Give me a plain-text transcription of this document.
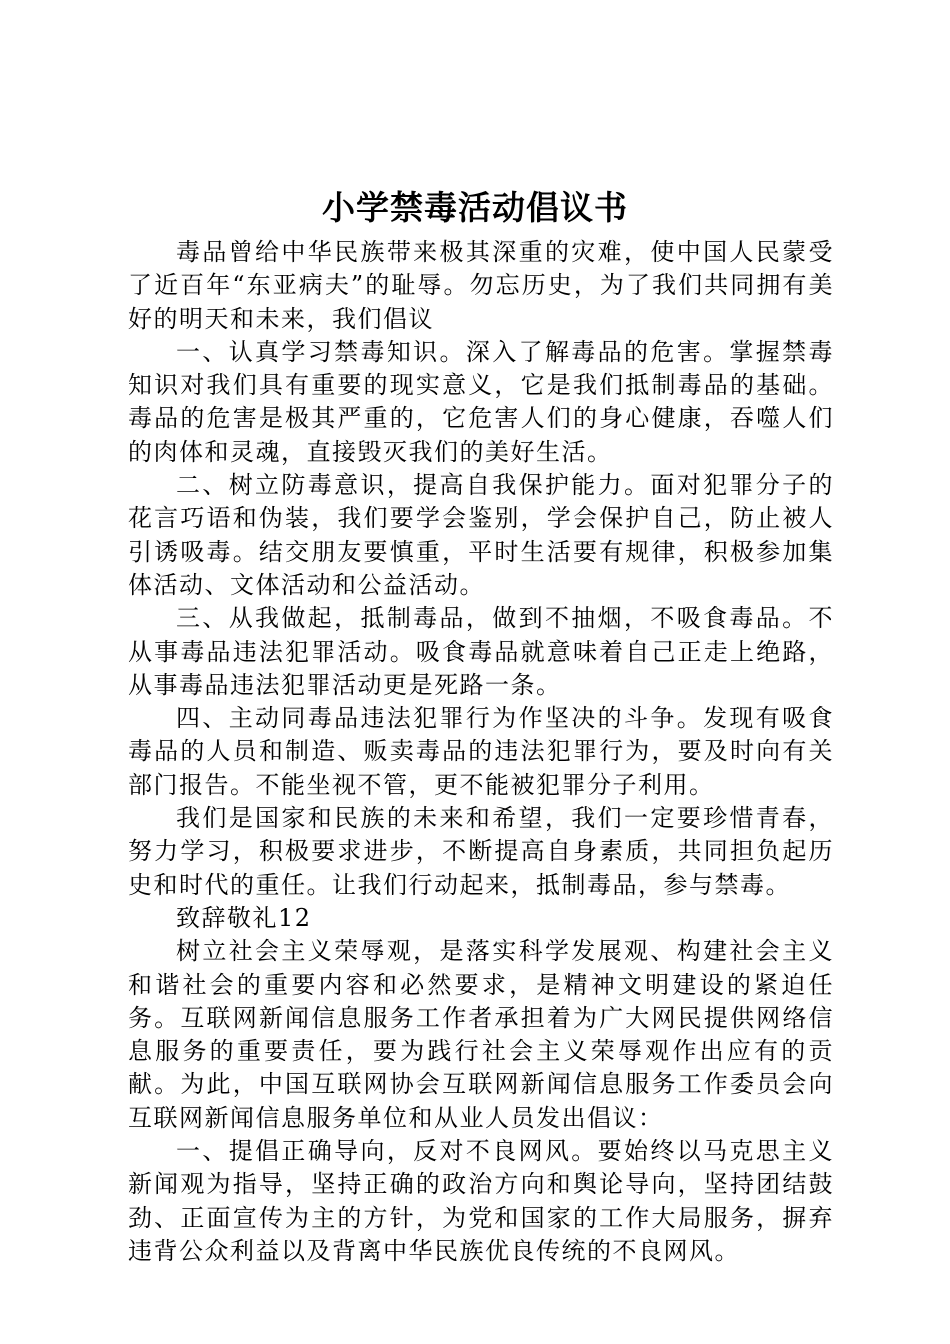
小学禁毒活动倡议书

毒品曾给中华民族带来极其深重的灾难，使中国人民蒙受了近百年“东亚病夫”的耻辱。勿忘历史，为了我们共同拥有美好的明天和未来，我们倡议

一、认真学习禁毒知识。深入了解毒品的危害。掌握禁毒知识对我们具有重要的现实意义，它是我们抵制毒品的基础。毒品的危害是极其严重的，它危害人们的身心健康，吞噬人们的肉体和灵魂，直接毁灭我们的美好生活。

二、树立防毒意识，提高自我保护能力。面对犯罪分子的花言巧语和伪装，我们要学会鉴别，学会保护自己，防止被人引诱吸毒。结交朋友要慎重，平时生活要有规律，积极参加集体活动、文体活动和公益活动。

三、从我做起，抵制毒品，做到不抽烟，不吸食毒品。不从事毒品违法犯罪活动。吸食毒品就意味着自己正走上绝路，从事毒品违法犯罪活动更是死路一条。

四、主动同毒品违法犯罪行为作坚决的斗争。发现有吸食毒品的人员和制造、贩卖毒品的违法犯罪行为，要及时向有关部门报告。不能坐视不管，更不能被犯罪分子利用。

我们是国家和民族的未来和希望，我们一定要珍惜青春，努力学习，积极要求进步，不断提高自身素质，共同担负起历史和时代的重任。让我们行动起来，抵制毒品，参与禁毒。

致辞敬礼12

树立社会主义荣辱观，是落实科学发展观、构建社会主义和谐社会的重要内容和必然要求，是精神文明建设的紧迫任务。互联网新闻信息服务工作者承担着为广大网民提供网络信息服务的重要责任，要为践行社会主义荣辱观作出应有的贡献。为此，中国互联网协会互联网新闻信息服务工作委员会向互联网新闻信息服务单位和从业人员发出倡议：

一、提倡正确导向，反对不良网风。要始终以马克思主义新闻观为指导，坚持正确的政治方向和舆论导向，坚持团结鼓劲、正面宣传为主的方针，为党和国家的工作大局服务，摒弃违背公众利益以及背离中华民族优良传统的不良网风。
